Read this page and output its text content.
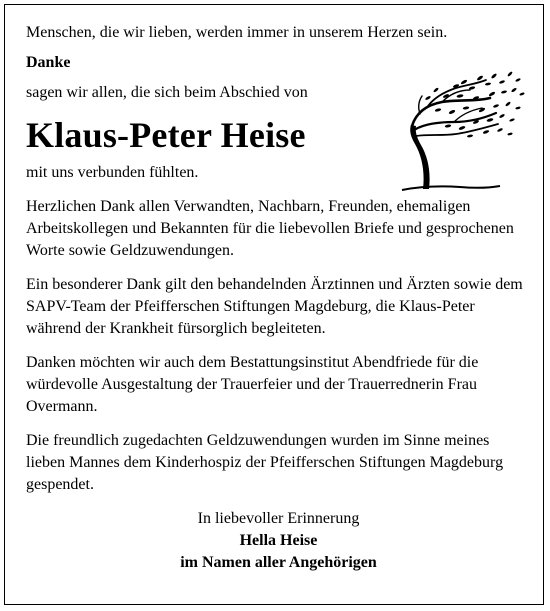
Menschen, die wir lieben, werden immer in unserem Herzen sein.

Danke

sagen wir allen, die sich beim Abschied von

Klaus-Peter Heise

mit uns verbunden fühlten.

Herzlichen Dank allen Verwandten, Nachbarn, Freunden, ehemaligen Arbeitskollegen und Bekannten für die liebevollen Briefe und gesprochenen Worte sowie Geldzuwendungen.

Ein besonderer Dank gilt den behandelnden Ärztinnen und Ärzten sowie dem SAPV-Team der Pfeifferschen Stiftungen Magdeburg, die Klaus-Peter während der Krankheit fürsorglich begleiteten.

Danken möchten wir auch dem Bestattungsinstitut Abendfriede für die würdevolle Ausgestaltung der Trauerfeier und der Trauerrednerin Frau Overmann.

Die freundlich zugedachten Geldzuwendungen wurden im Sinne meines lieben Mannes dem Kinderhospiz der Pfeifferschen Stiftungen Magdeburg gespendet.

In liebevoller Erinnerung
Hella Heise
im Namen aller Angehörigen
